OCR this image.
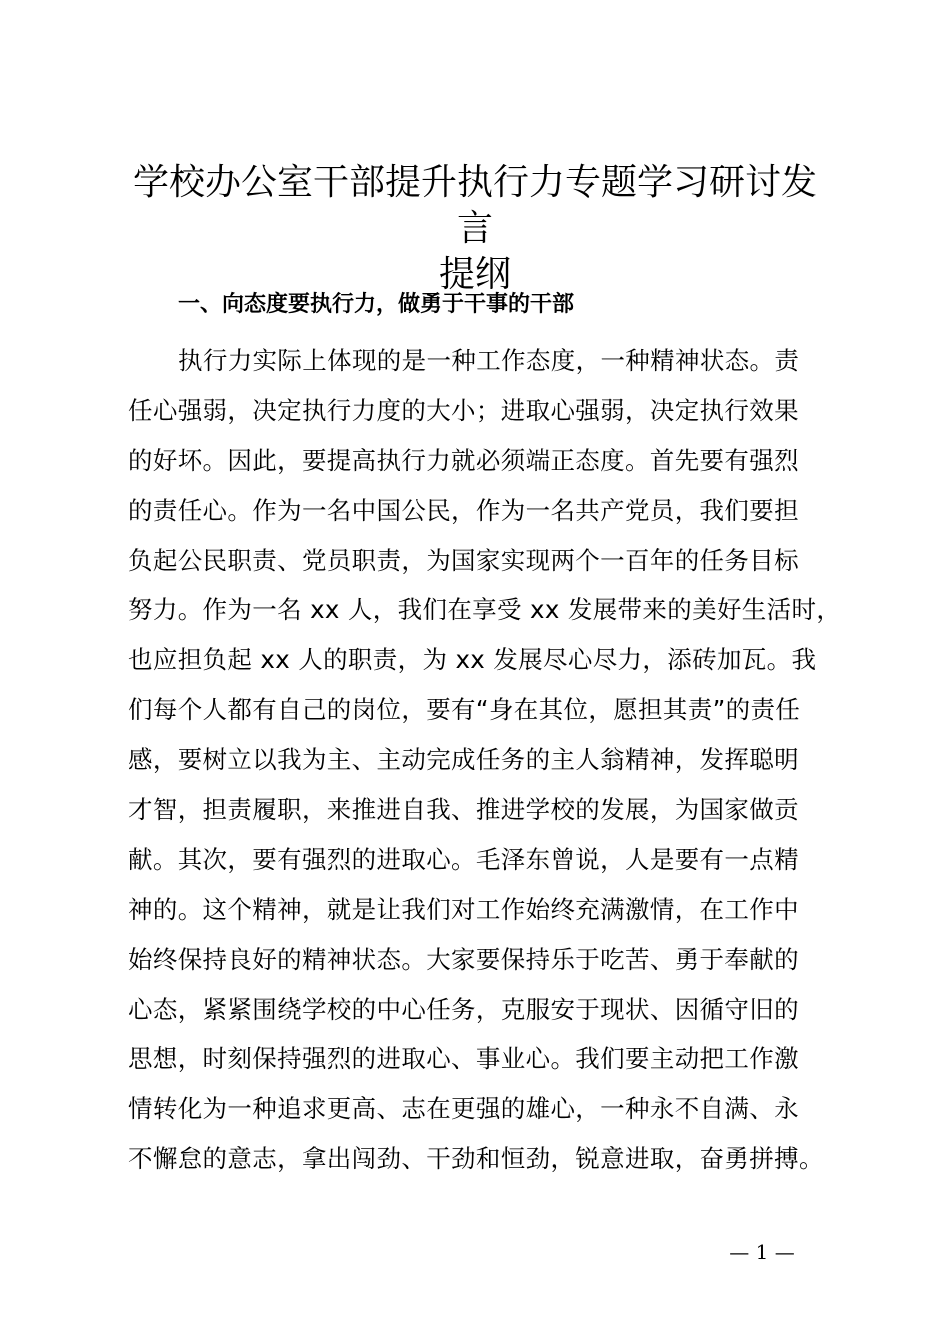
学校办公室干部提升执行力专题学习研讨发言
提纲
一、向态度要执行力，做勇于干事的干部
执行力实际上体现的是一种工作态度，一种精神状态。责
任心强弱，决定执行力度的大小；进取心强弱，决定执行效果
的好坏。因此，要提高执行力就必须端正态度。首先要有强烈
的责任心。作为一名中国公民，作为一名共产党员，我们要担
负起公民职责、党员职责，为国家实现两个一百年的任务目标
努力。作为一名 xx 人，我们在享受 xx 发展带来的美好生活时，
也应担负起 xx 人的职责，为 xx 发展尽心尽力，添砖加瓦。我
们每个人都有自己的岗位，要有“身在其位，愿担其责”的责任
感，要树立以我为主、主动完成任务的主人翁精神，发挥聪明
才智，担责履职，来推进自我、推进学校的发展，为国家做贡
献。其次，要有强烈的进取心。毛泽东曾说，人是要有一点精
神的。这个精神，就是让我们对工作始终充满激情，在工作中
始终保持良好的精神状态。大家要保持乐于吃苦、勇于奉献的
心态，紧紧围绕学校的中心任务，克服安于现状、因循守旧的
思想，时刻保持强烈的进取心、事业心。我们要主动把工作激
情转化为一种追求更高、志在更强的雄心，一种永不自满、永
不懈怠的意志，拿出闯劲、干劲和恒劲，锐意进取，奋勇拼搏。
— 1 —
